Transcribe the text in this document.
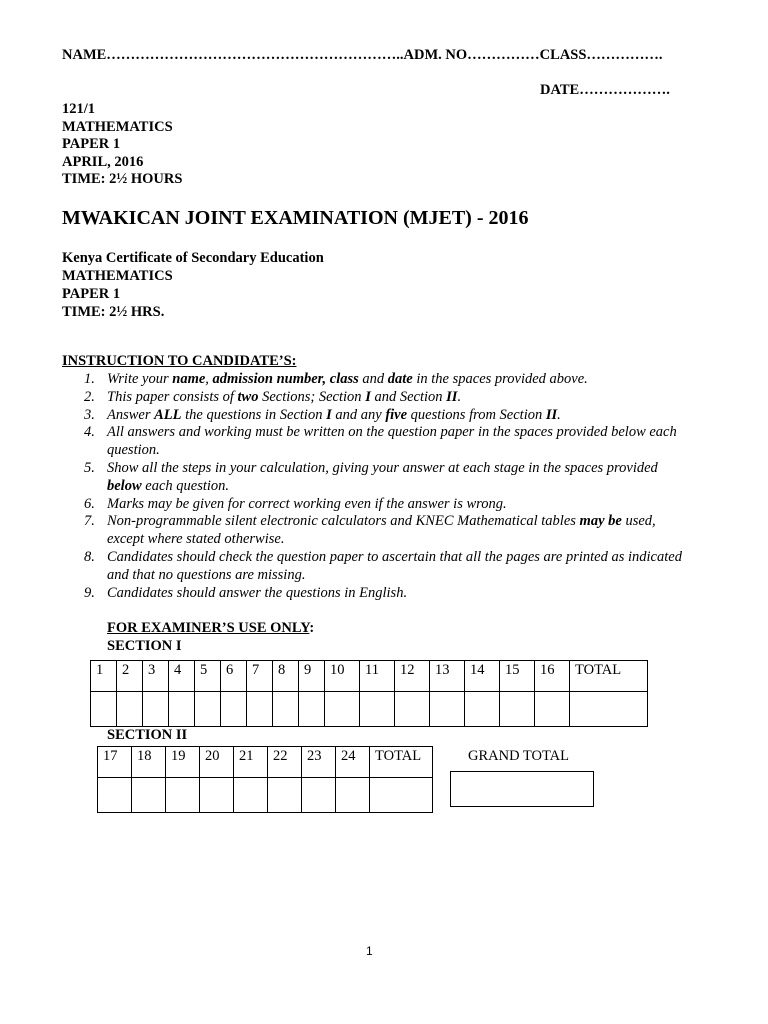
NAME……………………………………………………..ADM. NO……………CLASS…………….
DATE……………….
121/1
MATHEMATICS
PAPER 1
APRIL, 2016
TIME: 2½ HOURS
MWAKICAN JOINT EXAMINATION (MJET) - 2016
Kenya Certificate of Secondary Education
MATHEMATICS
PAPER 1
TIME: 2½ HRS.
INSTRUCTION TO CANDIDATE’S:
1. Write your name, admission number, class and date in the spaces provided above.
2. This paper consists of two Sections; Section I and Section II.
3. Answer ALL the questions in Section I and any five questions from Section II.
4. All answers and working must be written on the question paper in the spaces provided below each question.
5. Show all the steps in your calculation, giving your answer at each stage in the spaces provided below each question.
6. Marks may be given for correct working even if the answer is wrong.
7. Non-programmable silent electronic calculators and KNEC Mathematical tables may be used, except where stated otherwise.
8. Candidates should check the question paper to ascertain that all the pages are printed as indicated and that no questions are missing.
9. Candidates should answer the questions in English.
FOR EXAMINER’S USE ONLY:
SECTION I
1	2	3	4	5	6	7	8	9	10	11	12	13	14	15	16	TOTAL

SECTION II
17	18	19	20	21	22	23	24	TOTAL
									GRAND TOTAL
1
